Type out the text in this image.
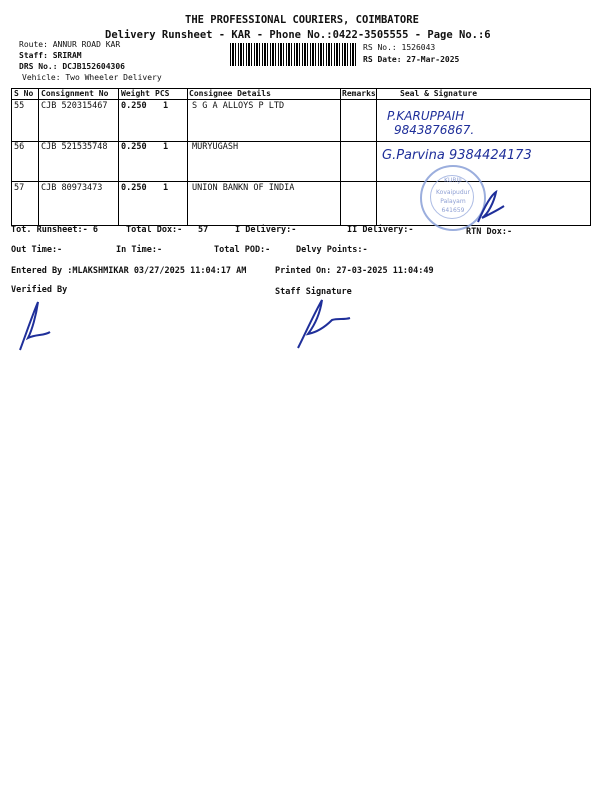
THE PROFESSIONAL COURIERS, COIMBATORE
Delivery Runsheet - KAR - Phone No.:0422-3505555 - Page No.:6
Route: ANNUR ROAD KAR
Staff: SRIRAM
DRS No.: DCJB152604306
Vehicle: Two Wheeler Delivery
RS No.: 1526043
RS Date: 27-Mar-2025
S No Consignment No Weight PCS Consignee Details	Remarks	Seal & Signature
55 CJB 520315467 0.250 1	S G A ALLOYS P LTD
P.KARUPPAIH
9843876867.
56 CJB 521535748 0.250 1	MURYUGASH
G.Parvina 9384424173
57 CJB 80973473 0.250 1	UNION BANKN OF INDIA
KURIJI
Kovaipudur
Palayam
641659
Tot. Runsheet:- 6	Total Dox:- 57	I Delivery:-	II Delivery:-	RTN Dox:-
Out Time:-	In Time:-	Total POD:-	Delvy Points:-
Entered By :MLAKSHMIKAR 03/27/2025 11:04:17 AM	Printed On: 27-03-2025 11:04:49
Verified By	Staff Signature
